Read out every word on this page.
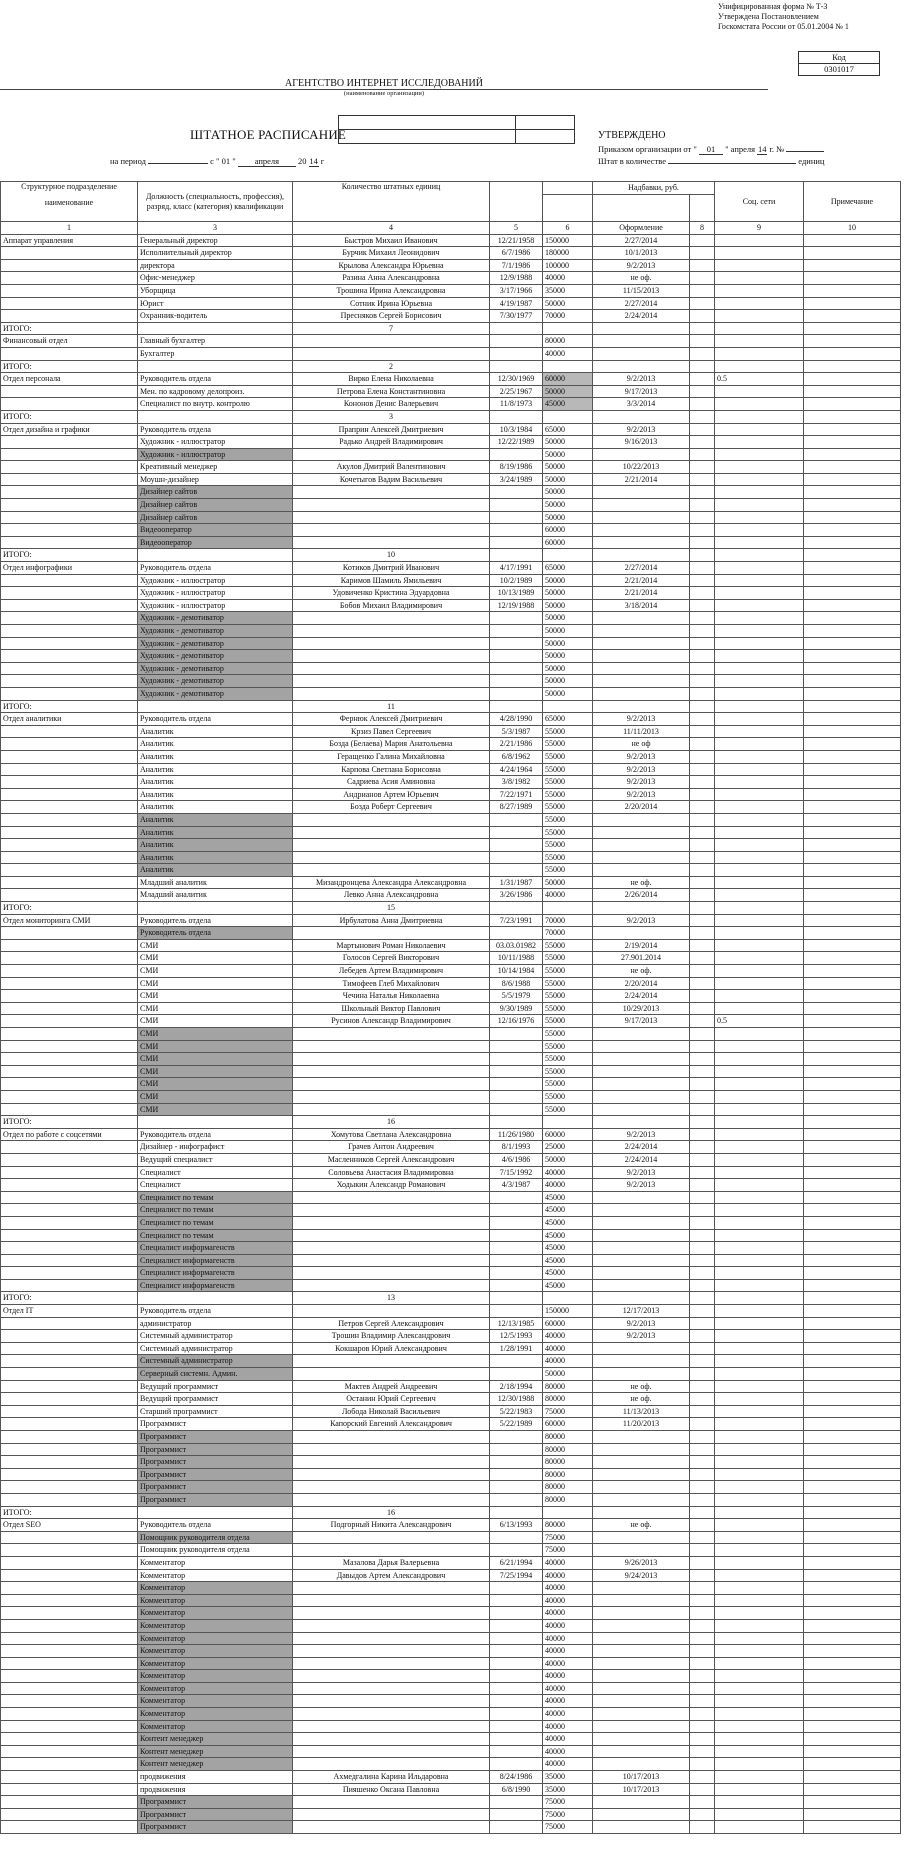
Унифицированная форма № Т-3
Утверждена Постановлением
Госкомстата России от 05.01.2004 № 1
Код
0301017
АГЕНТСТВО ИНТЕРНЕТ ИССЛЕДОВАНИЙ
(наименование организации)

ШТАТНОЕ РАСПИСАНИЕ	УТВЕРЖДЕНО
Приказом организации от " 01 " апреля 14 г. №
Штат в количестве	единиц
на период	с " 01 " апреля 20 14 г
Структурное подразделение
наименование	Должность (специальность, профессия), разряд, класс (категория) квалификации	Количество штатных единиц			Надбавки, руб.		Соц. сети	Примечание

1	3	4	5	6	Оформление	8	9	10
Аппарат управления	Генеральный директор	Быстров Михаил Иванович	12/21/1958	150000	2/27/2014			
	Исполнительный директор	Бурчик Михаил Леонидович	6/7/1986	180000	10/1/2013			
	директора	Крылова Александра Юрьевна	7/1/1986	100000	9/2/2013			
	Офис-менеджер	Разина Анна Александровна	12/9/1988	40000	не оф.			
	Уборщица	Трошина Ирина Александровна	3/17/1966	35000	11/15/2013			
	Юрист	Сотник Ирина Юрьевна	4/19/1987	50000	2/27/2014			
	Охранник-водитель	Пресняков Сергей Борисович	7/30/1977	70000	2/24/2014			
ИТОГО:		7						
Финансовый отдел	Главный бухгалтер			80000				
	Бухгалтер			40000				
ИТОГО:		2						
Отдел персонала	Руководитель отдела	Вирко Елена Николаевна	12/30/1969	60000	9/2/2013		0.5	
	Мен. по кадровому делопроиз.	Петрова Елена Константиновна	2/25/1967	50000	9/17/2013			
	Специалист по внутр. контролю	Кононов Денис Валерьевич	11/8/1973	45000	3/3/2014			
ИТОГО:		3						
Отдел дизайна и графики	Руководитель отдела	Праприн Алексей Дмитриевич	10/3/1984	65000	9/2/2013			
	Художник - иллюстратор	Радько Андрей Владимирович	12/22/1989	50000	9/16/2013			
	Художник - иллюстратор			50000				
	Креативный менеджер	Акулов Дмитрий Валентинович	8/19/1986	50000	10/22/2013			
	Моушн-дизайнер	Кочетыгов Вадим Васильевич	3/24/1989	50000	2/21/2014			
	Дизайнер сайтов			50000				
	Дизайнер сайтов			50000				
	Дизайнер сайтов			50000				
	Видеооператор			60000				
	Видеооператор			60000				
ИТОГО:		10						
Отдел инфографики	Руководитель отдела	Котиков Дмитрий Иванович	4/17/1991	65000	2/27/2014			
	Художник - иллюстратор	Каримов Шамиль Ямильевич	10/2/1989	50000	2/21/2014			
	Художник - иллюстратор	Удовиченко Кристина Эдуардовна	10/13/1989	50000	2/21/2014			
	Художник - иллюстратор	Бобов Михаил Владимирович	12/19/1988	50000	3/18/2014			
	Художник - демотиватор			50000				
	Художник - демотиватор			50000				
	Художник - демотиватор			50000				
	Художник - демотиватор			50000				
	Художник - демотиватор			50000				
	Художник - демотиватор			50000				
	Художник - демотиватор			50000				
ИТОГО:		11						
Отдел аналитики	Руководитель отдела	Фернюк Алексей Дмитриевич	4/28/1990	65000	9/2/2013			
	Аналитик	Крзиз Павел Сергеевич	5/3/1987	55000	11/11/2013			
	Аналитик	Бозда (Белаева) Мария Анатольевна	2/21/1986	55000	не оф			
	Аналитик	Геращенко Галина Михайловна	6/8/1962	55000	9/2/2013			
	Аналитик	Карпова Светлана Борисовна	4/24/1964	55000	9/2/2013			
	Аналитик	Садриева Асия Аминовна	3/8/1982	55000	9/2/2013			
	Аналитик	Андрианов Артем Юрьевич	7/22/1971	55000	9/2/2013			
	Аналитик	Бозда Роберт Сергеевич	8/27/1989	55000	2/20/2014			
	Аналитик			55000				
	Аналитик			55000				
	Аналитик			55000				
	Аналитик			55000				
	Аналитик			55000				
	Младший аналитик	Мизандронцева Александра Александровна	1/31/1987	50000	не оф.			
	Младший аналитик	Левко Анна Александровна	3/26/1986	40000	2/26/2014			
ИТОГО:		15						
Отдел мониторинга СМИ	Руководитель отдела	Ирбулатова Анна Дмитриевна	7/23/1991	70000	9/2/2013			
	Руководитель отдела			70000				
	СМИ	Мартынович Роман Николаевич	03.03.01982	55000	2/19/2014			
	СМИ	Голосов Сергей Викторович	10/11/1988	55000	27.901.2014			
	СМИ	Лебедев Артем Владимирович	10/14/1984	55000	не оф.			
	СМИ	Тимофеев Глеб Михайлович	8/6/1988	55000	2/20/2014			
	СМИ	Чечина Наталья Николаевна	5/5/1979	55000	2/24/2014			
	СМИ	Школьный Виктор Павлович	9/30/1989	55000	10/29/2013			
	СМИ	Русинов Александр Владимирович	12/16/1976	55000	9/17/2013		0.5	
	СМИ			55000				
	СМИ			55000				
	СМИ			55000				
	СМИ			55000				
	СМИ			55000				
	СМИ			55000				
	СМИ			55000				
ИТОГО:		16						
Отдел по работе с соцсетями	Руководитель отдела	Хомутова Светлана Александровна	11/26/1980	60000	9/2/2013			
	Дизайнер - инфографист	Грачев Антон Андреевич	8/1/1993	25000	2/24/2014			
	Ведущий специалист	Масленников Сергей Александрович	4/6/1986	50000	2/24/2014			
	Специалист	Соловьева Анастасия Владимировна	7/15/1992	40000	9/2/2013			
	Специалист	Ходыкин Александр Романович	4/3/1987	40000	9/2/2013			
	Специалист по темам			45000				
	Специалист по темам			45000				
	Специалист по темам			45000				
	Специалист по темам			45000				
	Специалист информагенств			45000				
	Специалист информагенств			45000				
	Специалист информагенств			45000				
	Специалист информагенств			45000				
ИТОГО:		13						
Отдел IT	Руководитель отдела			150000	12/17/2013			
	администратор	Петров Сергей Александрович	12/13/1985	60000	9/2/2013			
	Системный администратор	Трошин Владимир Александрович	12/5/1993	40000	9/2/2013			
	Системный администратор	Кокшаров Юрий Александрович	1/28/1991	40000				
	Системный администратор			40000				
	Серверный системн. Админ.			50000				
	Ведущий программист	Мактев Андрей Андреевич	2/18/1994	80000	не оф.			
	Ведущий программист	Останин Юрий Сергеевич	12/30/1988	80000	не оф.			
	Старший программист	Лобода Николай Васильевич	5/22/1983	75000	11/13/2013			
	Программист	Капорский Евгений Александрович	5/22/1989	60000	11/20/2013			
	Программист			80000				
	Программист			80000				
	Программист			80000				
	Программист			80000				
	Программист			80000				
	Программист			80000				
ИТОГО:		16						
Отдел SEO	Руководитель отдела	Подгорный Никита Александрович	6/13/1993	80000	не оф.			
	Помощник руководителя отдела			75000				
	Помощник руководителя отдела			75000				
	Комментатор	Мазалова Дарья Валерьевна	6/21/1994	40000	9/26/2013			
	Комментатор	Давыдов Артем Александрович	7/25/1994	40000	9/24/2013			
	Комментатор			40000				
	Комментатор			40000				
	Комментатор			40000				
	Комментатор			40000				
	Комментатор			40000				
	Комментатор			40000				
	Комментатор			40000				
	Комментатор			40000				
	Комментатор			40000				
	Комментатор			40000				
	Комментатор			40000				
	Комментатор			40000				
	Контент менеджер			40000				
	Контент менеджер			40000				
	Контент менеджер			40000				
	продвижения	Ахмедгалина Карина Ильдаровна	8/24/1986	35000	10/17/2013			
	продвижения	Пияшенко Оксана Павловна	6/8/1990	35000	10/17/2013			
	Программист			75000				
	Программист			75000				
	Программист			75000				
